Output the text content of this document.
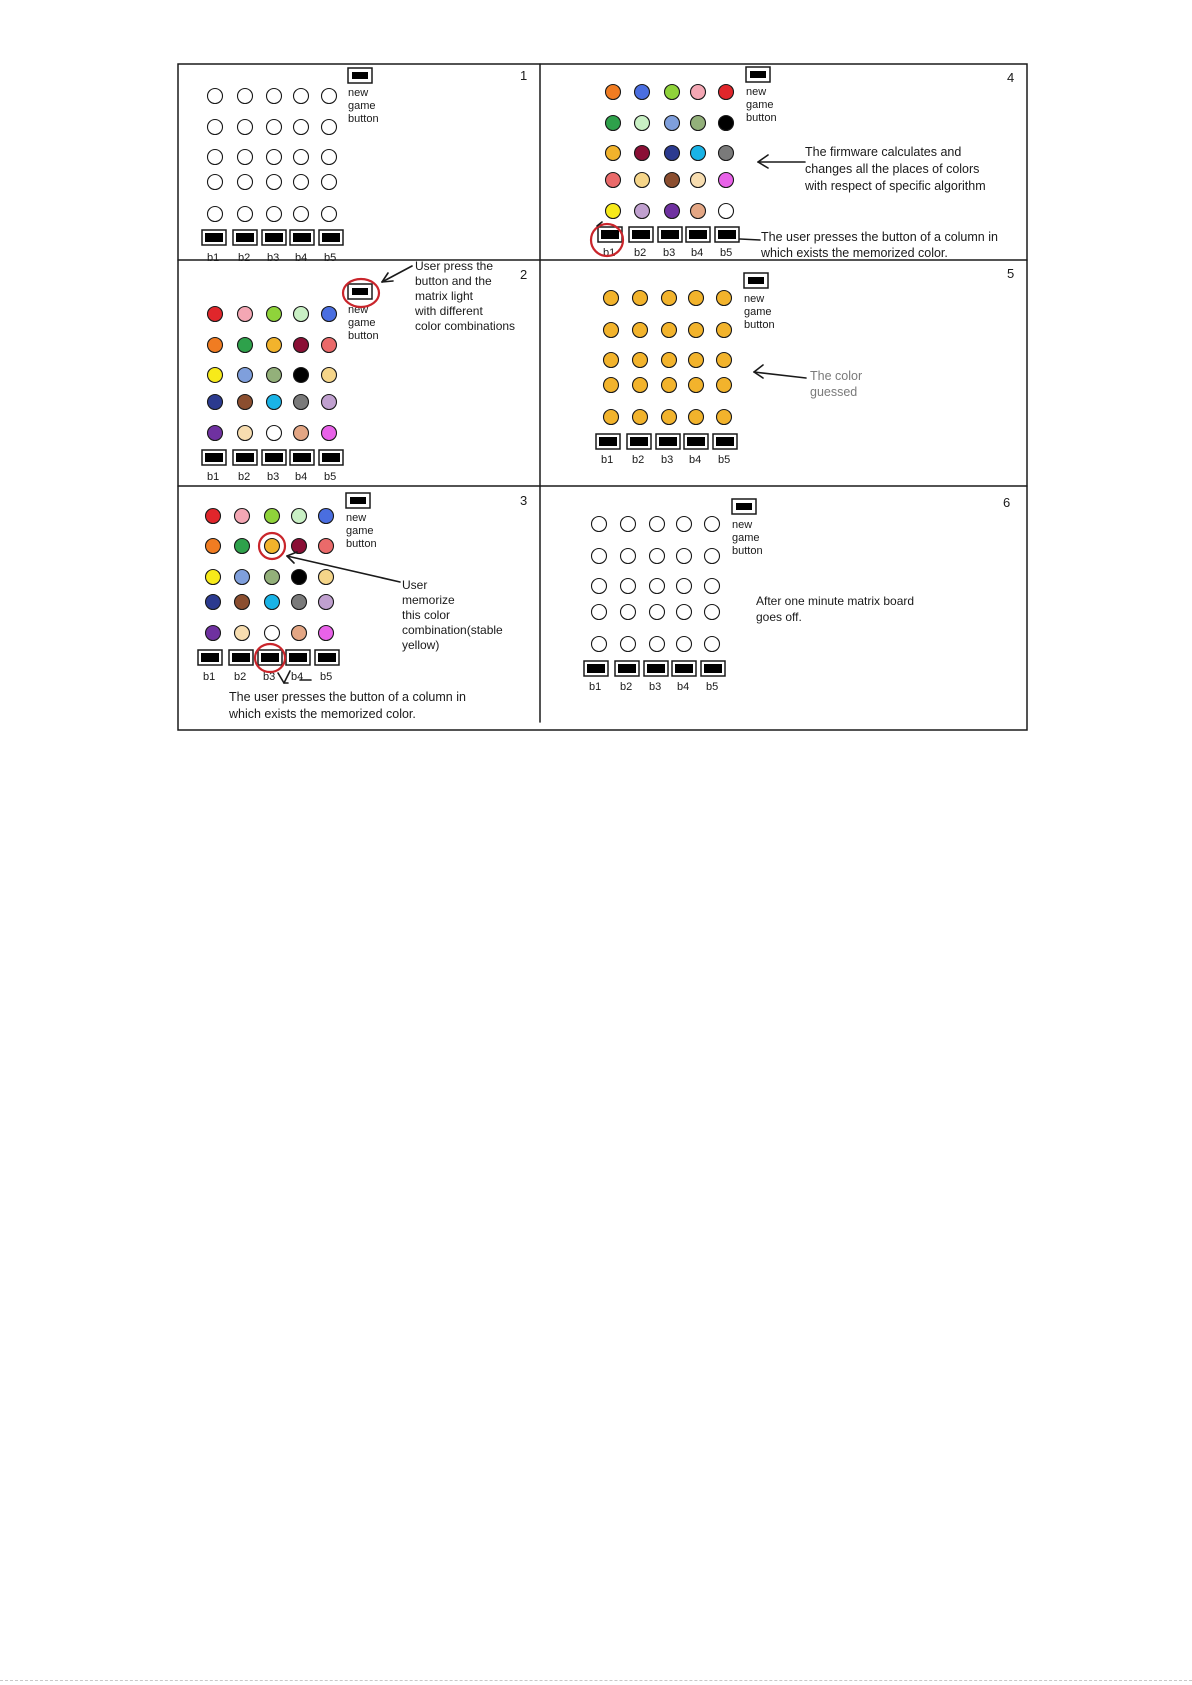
1
new
game
button
b1 b2 b3 b4 b5
2
new
game
button
b1 b2 b3 b4 b5
3
new
game
button
b1 b2 b3 b4 b5
4
new
game
button
b1 b2 b3 b4 b5
5
new
game
button
b1 b2 b3 b4 b5
6
new
game
button
b1 b2 b3 b4 b5
User press the
button and the
matrix light
with different
color combinations
User
memorize
this color
combination(stable
yellow)
The user presses the button of a column in
which exists the memorized color.
The firmware calculates and
changes all the places of colors
with respect of specific algorithm
The user presses the button of a column in
which exists the memorized color.
The color
guessed
After one minute matrix board
goes off.
